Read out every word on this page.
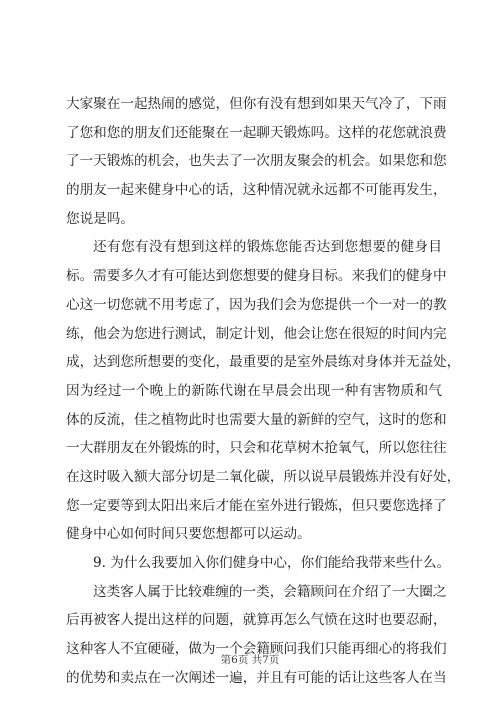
大家聚在一起热闹的感觉，但你有没有想到如果天气冷了，下雨
了您和您的朋友们还能聚在一起聊天锻炼吗。这样的花您就浪费
了一天锻炼的机会，也失去了一次朋友聚会的机会。如果您和您
的朋友一起来健身中心的话，这种情况就永远都不可能再发生，
您说是吗。
还有您有没有想到这样的锻炼您能否达到您想要的健身目
标。需要多久才有可能达到您想要的健身目标。来我们的健身中
心这一切您就不用考虑了，因为我们会为您提供一个一对一的教
练，他会为您进行测试，制定计划，他会让您在很短的时间内完
成，达到您所想要的变化，最重要的是室外晨练对身体并无益处，
因为经过一个晚上的新陈代谢在早晨会出现一种有害物质和气
体的反流，佳之植物此时也需要大量的新鲜的空气，这时的您和
一大群朋友在外锻炼的时，只会和花草树木抢氧气，所以您往往
在这时吸入额大部分切是二氧化碳，所以说早晨锻炼并没有好处，
您一定要等到太阳出来后才能在室外进行锻炼，但只要您选择了
健身中心如何时间只要您想都可以运动。
9. 为什么我要加入你们健身中心，你们能给我带来些什么。
这类客人属于比较难缠的一类，会籍顾问在介绍了一大圈之
后再被客人提出这样的问题，就算再怎么气愤在这时也要忍耐，
这种客人不宜硬碰，做为一个会籍顾问我们只能再细心的将我们
的优势和卖点在一次阐述一遍，并且有可能的话让这些客人在当
第6页 共7页
